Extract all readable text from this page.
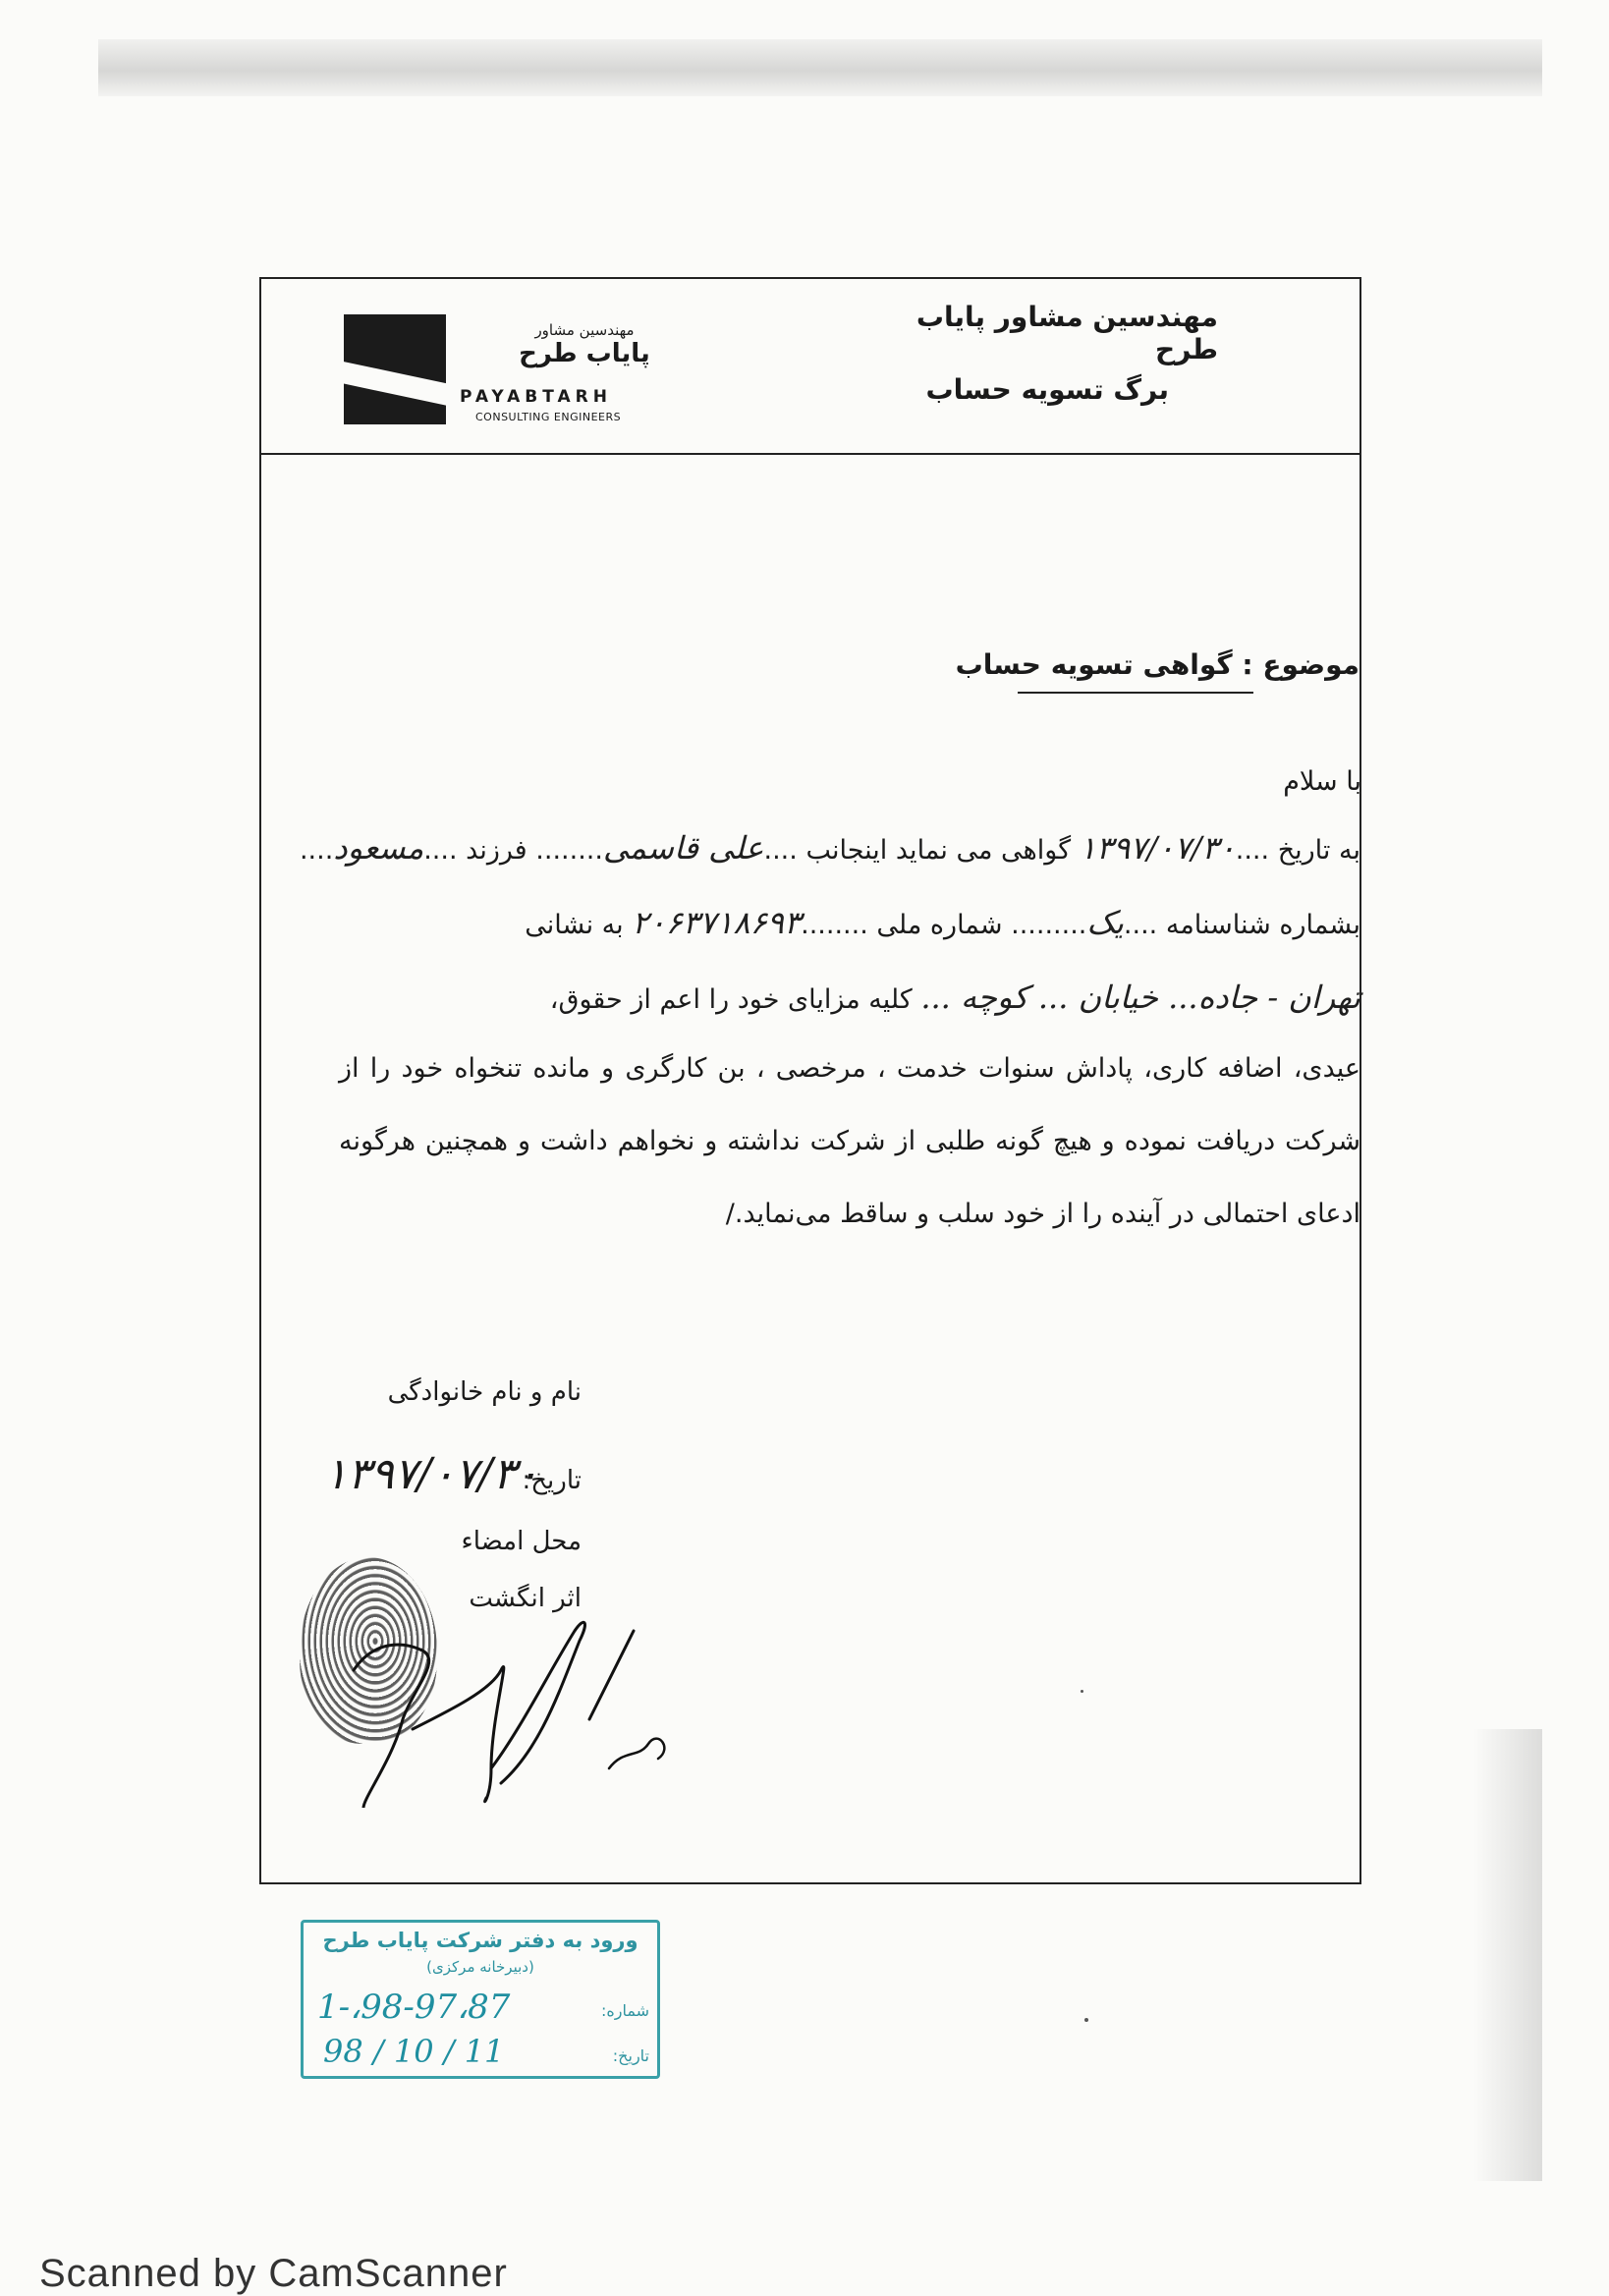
مهندسین مشاور
پایاب طرح
PAYABTARH
CONSULTING ENGINEERS
مهندسین مشاور پایاب طرح
برگ تسویه حساب
موضوع : گواهی تسویه حساب
با سلام
به تاریخ ....۱۳۹۷/۰۷/۳۰ گواهی می نماید اینجانب ....علی قاسمی........ فرزند ....مسعود....
بشماره شناسنامه ....یک......... شماره ملی ........۲۰۶۳۷۱۸۶۹۳ به نشانی
تهران - جاده... خیابان ... کوچه ... کلیه مزایای خود را اعم از حقوق،
عیدی، اضافه کاری، پاداش سنوات خدمت ، مرخصی ، بن کارگری و مانده تنخواه خود را از
شرکت دریافت نموده و هیچ گونه طلبی از شرکت نداشته و نخواهم داشت و همچنین هرگونه
ادعای احتمالی در آینده را از خود سلب و ساقط می‌نماید./
نام و نام خانوادگی
تاریخ:
۱۳۹۷/۰۷/۳۰
محل امضاء
اثر انگشت
ورود به دفتر شرکت پایاب طرح
(دبیرخانه مرکزی)
شماره:
1-،98-97،87
تاریخ:
98 / 10 / 11
Scanned by CamScanner
